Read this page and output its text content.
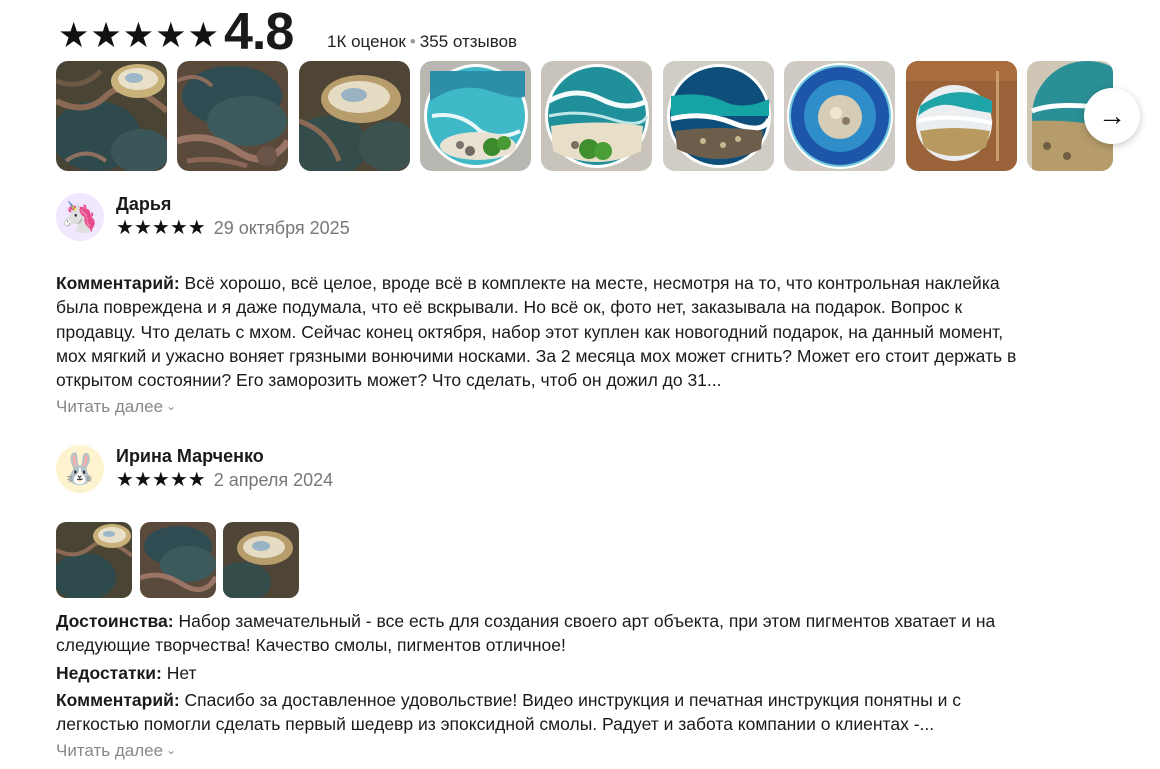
★ ★ ★ ★ ★ 4.8 1К оценок • 355 отзывов
→
🦄 Дарья
★★★★★ 29 октября 2025
Комментарий: Всё хорошо, всё целое, вроде всё в комплекте на месте, несмотря на то, что контрольная наклейка была повреждена и я даже подумала, что её вскрывали. Но всё ок, фото нет, заказывала на подарок. Вопрос к продавцу. Что делать с мхом. Сейчас конец октября, набор этот куплен как новогодний подарок, на данный момент, мох мягкий и ужасно воняет грязными вонючими носками. За 2 месяца мох может сгнить? Может его стоит держать в открытом состоянии? Его заморозить может? Что сделать, чтоб он дожил до 31...
Читать далее ⌄
🐰 Ирина Марченко
★★★★★ 2 апреля 2024
Достоинства: Набор замечательный - все есть для создания своего арт объекта, при этом пигментов хватает и на следующие творчества! Качество смолы, пигментов отличное!
Недостатки: Нет
Комментарий: Спасибо за доставленное удовольствие! Видео инструкция и печатная инструкция понятны и с легкостью помогли сделать первый шедевр из эпоксидной смолы. Радует и забота компании о клиентах -...
Читать далее ⌄
